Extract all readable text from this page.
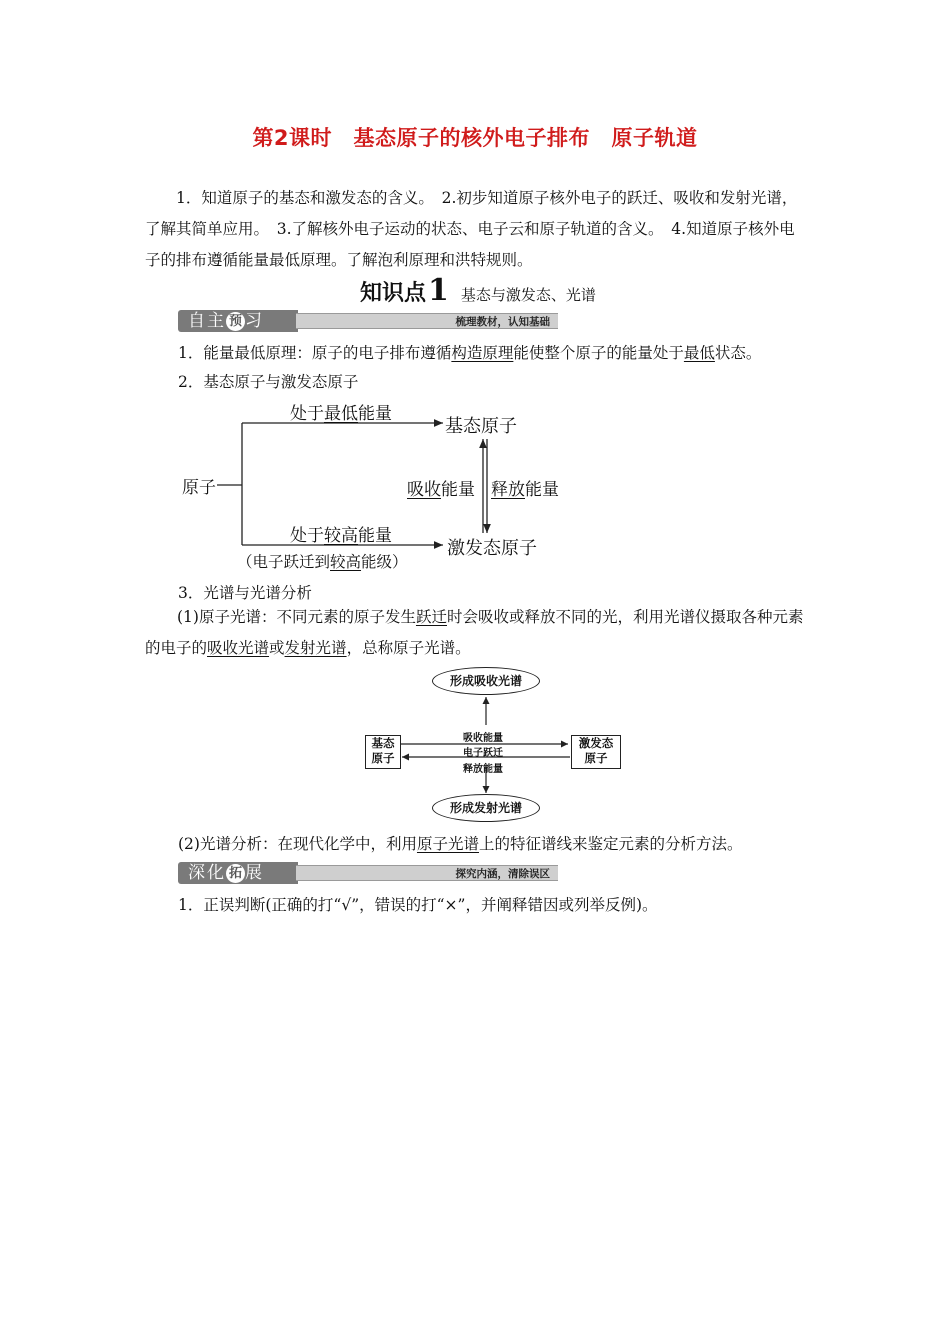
第2课时　基态原子的核外电子排布　原子轨道
1．知道原子的基态和激发态的含义。　2.初步知道原子核外电子的跃迁、吸收和发射光谱，了解其简单应用。　3.了解核外电子运动的状态、电子云和原子轨道的含义。　4.知道原子核外电子的排布遵循能量最低原理。了解泡利原理和洪特规则。
知识点1 基态与激发态、光谱
自主 预 习	梳理教材，认知基础
1．能量最低原理：原子的电子排布遵循构造原理能使整个原子的能量处于最低状态。
2．基态原子与激发态原子
原子
处于最低能量
基态原子
吸收能量 释放能量
处于较高能量
激发态原子
（电子跃迁到较高能级）
3．光谱与光谱分析
(1)原子光谱：不同元素的原子发生跃迁时会吸收或释放不同的光，利用光谱仪摄取各种元素的电子的吸收光谱或发射光谱，总称原子光谱。
形成吸收光谱
形成发射光谱
基态
原子
激发态
原子
吸收能量
电子跃迁
释放能量
(2)光谱分析：在现代化学中，利用原子光谱上的特征谱线来鉴定元素的分析方法。
深化 拓 展	探究内涵，清除误区
1．正误判断(正确的打“√”，错误的打“×”，并阐释错因或列举反例)。
